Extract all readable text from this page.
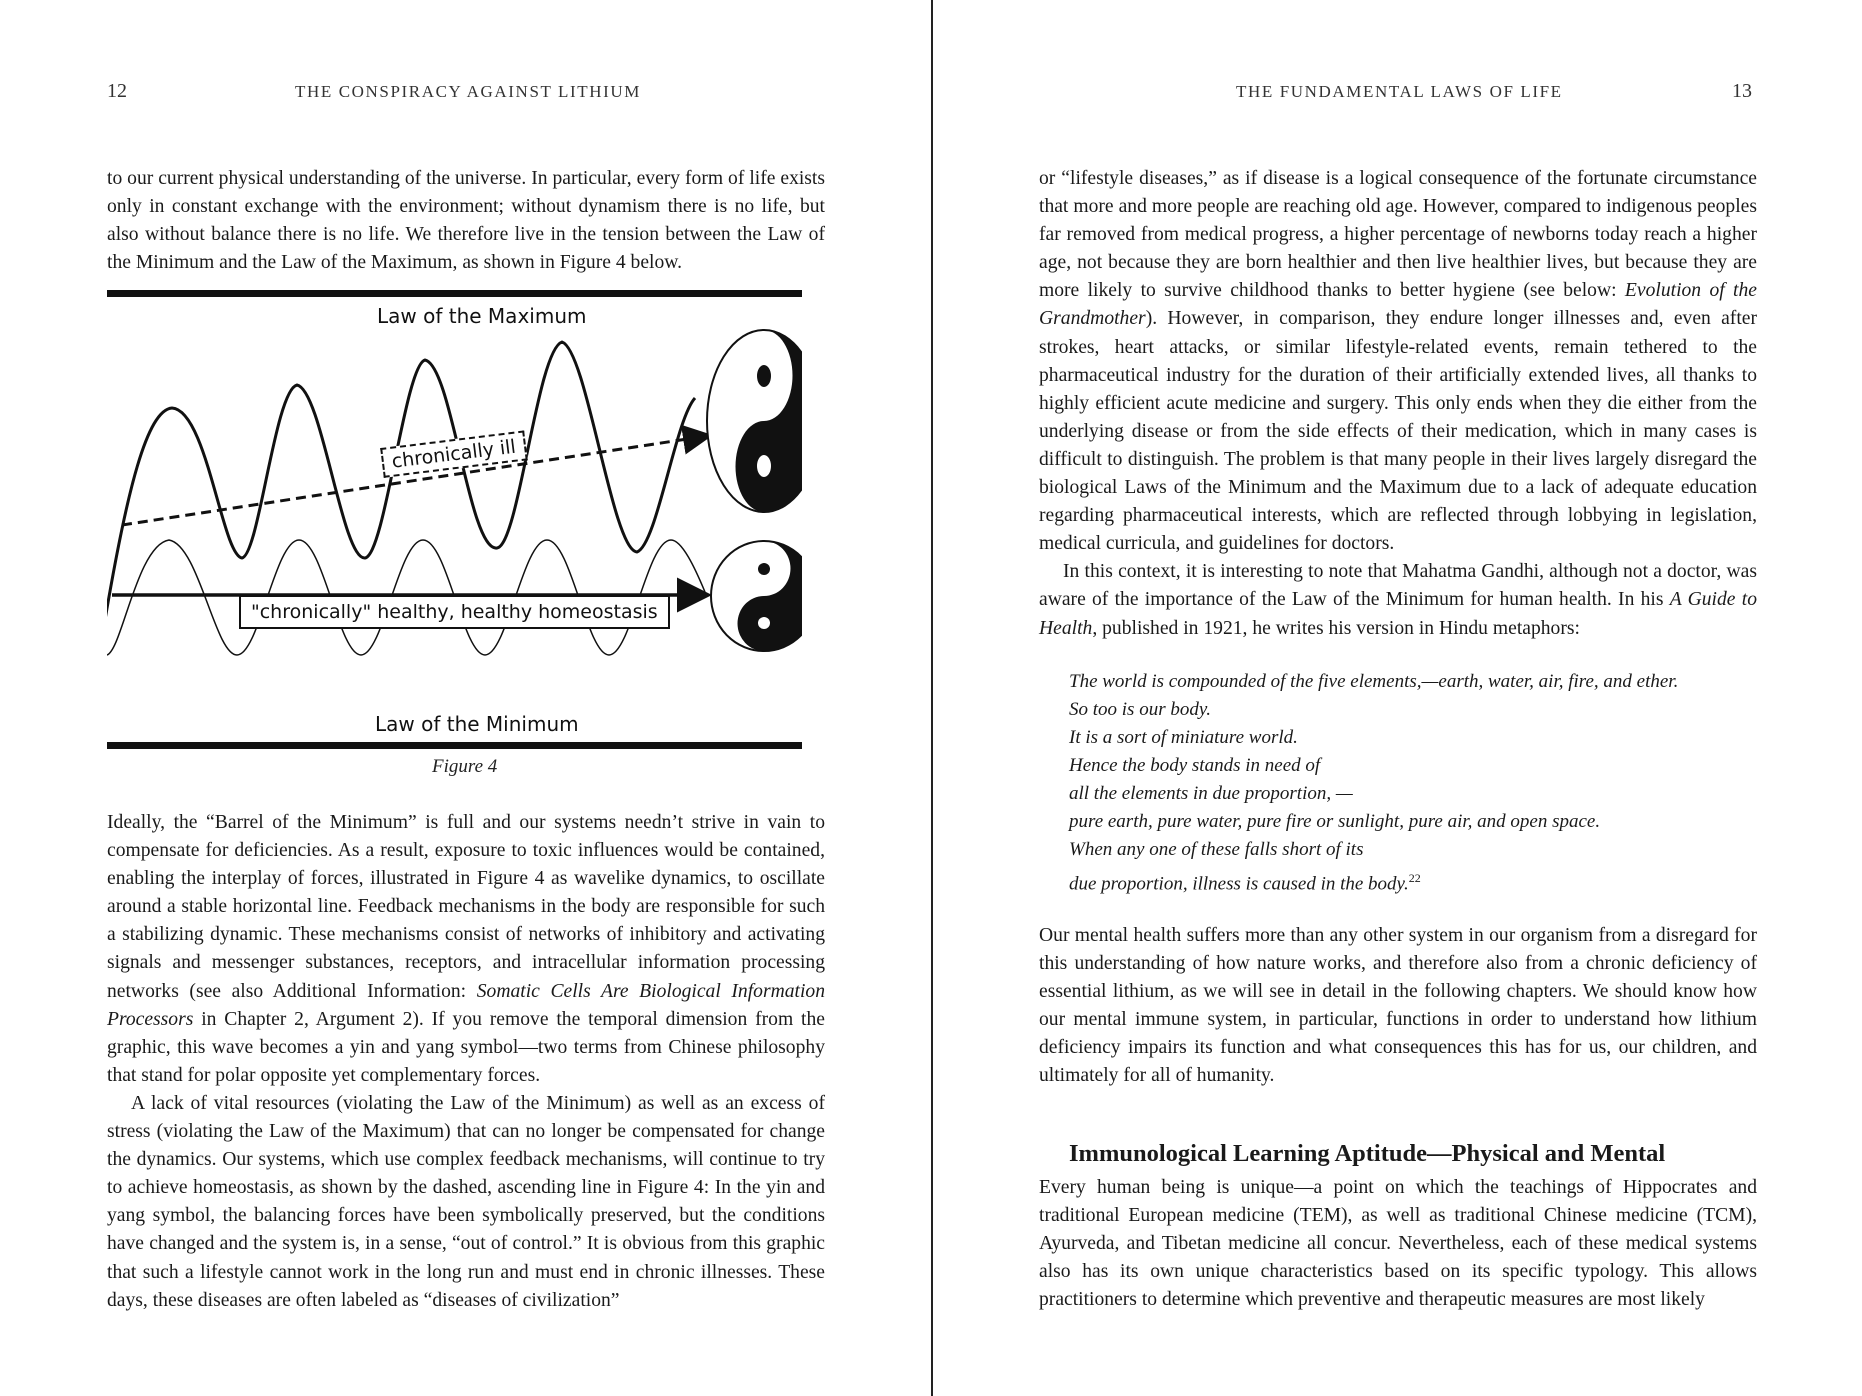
12	THE CONSPIRACY AGAINST LITHIUM

to our current physical understanding of the universe. In particular, every form of life exists only in constant exchange with the environment; without dynamism there is no life, but also without balance there is no life. We therefore live in the tension between the Law of the Minimum and the Law of the Maximum, as shown in Figure 4 below.

Law of the Maximum
chronically ill
"chronically" healthy, healthy homeostasis
Law of the Minimum
Figure 4

Ideally, the “Barrel of the Minimum” is full and our systems needn’t strive in vain to compensate for deficiencies. As a result, exposure to toxic influences would be contained, enabling the interplay of forces, illustrated in Figure 4 as wavelike dynamics, to oscillate around a stable horizontal line. Feedback mechanisms in the body are responsible for such a stabilizing dynamic. These mechanisms consist of networks of inhibitory and activating signals and messenger substances, receptors, and intracellular information processing networks (see also Additional Information: Somatic Cells Are Biological Information Processors in Chapter 2, Argument 2). If you remove the temporal dimension from the graphic, this wave becomes a yin and yang symbol—two terms from Chinese philosophy that stand for polar opposite yet complementary forces.

A lack of vital resources (violating the Law of the Minimum) as well as an excess of stress (violating the Law of the Maximum) that can no longer be compensated for change the dynamics. Our systems, which use complex feedback mechanisms, will continue to try to achieve homeostasis, as shown by the dashed, ascending line in Figure 4: In the yin and yang symbol, the balancing forces have been symbolically preserved, but the conditions have changed and the system is, in a sense, “out of control.” It is obvious from this graphic that such a lifestyle cannot work in the long run and must end in chronic illnesses. These days, these diseases are often labeled as “diseases of civilization”

THE FUNDAMENTAL LAWS OF LIFE	13

or “lifestyle diseases,” as if disease is a logical consequence of the fortunate circumstance that more and more people are reaching old age. However, compared to indigenous peoples far removed from medical progress, a higher percentage of newborns today reach a higher age, not because they are born healthier and then live healthier lives, but because they are more likely to survive childhood thanks to better hygiene (see below: Evolution of the Grandmother). However, in comparison, they endure longer illnesses and, even after strokes, heart attacks, or similar lifestyle-related events, remain tethered to the pharmaceutical industry for the duration of their artificially extended lives, all thanks to highly efficient acute medicine and surgery. This only ends when they die either from the underlying disease or from the side effects of their medication, which in many cases is difficult to distinguish. The problem is that many people in their lives largely disregard the biological Laws of the Minimum and the Maximum due to a lack of adequate education regarding pharmaceutical interests, which are reflected through lobbying in legislation, medical curricula, and guidelines for doctors.

In this context, it is interesting to note that Mahatma Gandhi, although not a doctor, was aware of the importance of the Law of the Minimum for human health. In his A Guide to Health, published in 1921, he writes his version in Hindu metaphors:

The world is compounded of the five elements,—earth, water, air, fire, and ether.
So too is our body.
It is a sort of miniature world.
Hence the body stands in need of
all the elements in due proportion, —
pure earth, pure water, pure fire or sunlight, pure air, and open space.
When any one of these falls short of its
due proportion, illness is caused in the body.$^{22}$

Our mental health suffers more than any other system in our organism from a disregard for this understanding of how nature works, and therefore also from a chronic deficiency of essential lithium, as we will see in detail in the following chapters. We should know how our mental immune system, in particular, functions in order to understand how lithium deficiency impairs its function and what consequences this has for us, our children, and ultimately for all of humanity.

Immunological Learning Aptitude—Physical and Mental

Every human being is unique—a point on which the teachings of Hippocrates and traditional European medicine (TEM), as well as traditional Chinese medicine (TCM), Ayurveda, and Tibetan medicine all concur. Nevertheless, each of these medical systems also has its own unique characteristics based on its specific typology. This allows practitioners to determine which preventive and therapeutic measures are most likely
